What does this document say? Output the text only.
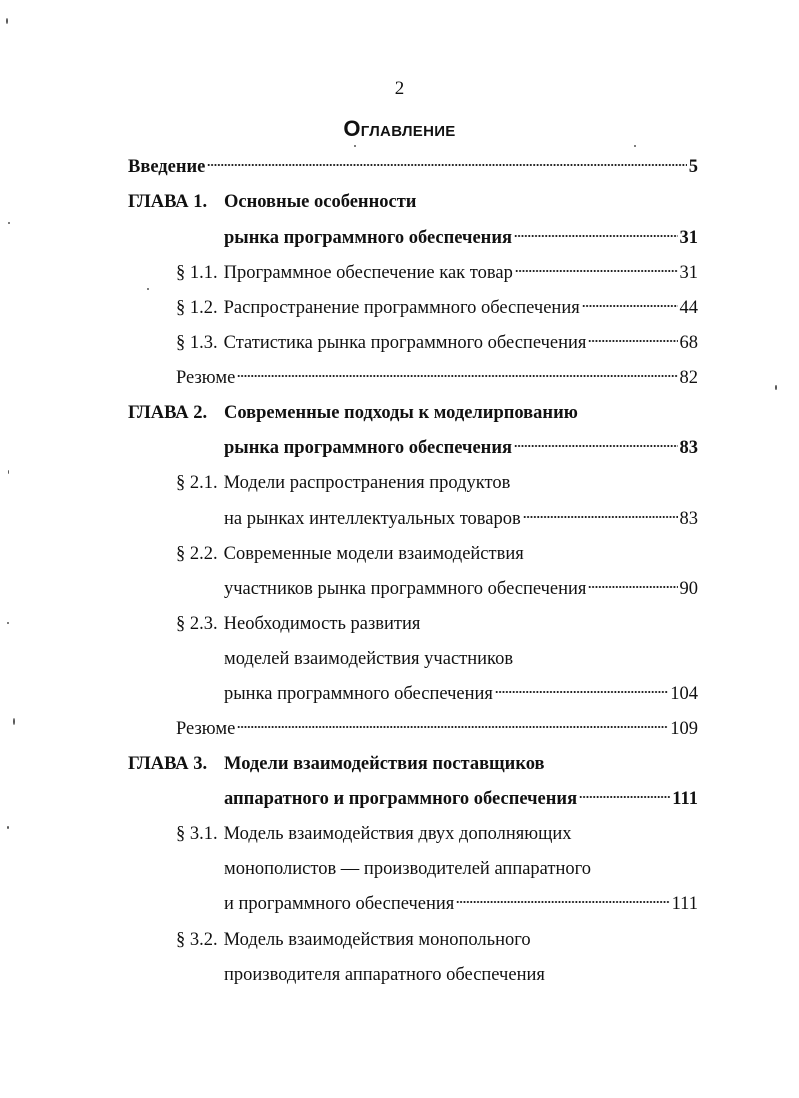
2
Оглавление
Введение	5
ГЛАВА 1. Основные особенности
рынка программного обеспечения	31
§ 1.1. Программное обеспечение как товар	31
§ 1.2. Распространение программного обеспечения	44
§ 1.3. Статистика рынка программного обеспечения	68
Резюме	82
ГЛАВА 2. Современные подходы к моделирпованию
рынка программного обеспечения	83
§ 2.1. Модели распространения продуктов
на рынках интеллектуальных товаров	83
§ 2.2. Современные модели взаимодействия
участников рынка программного обеспечения	90
§ 2.3. Необходимость развития
моделей взаимодействия участников
рынка программного обеспечения	104
Резюме	109
ГЛАВА 3. Модели взаимодействия поставщиков
аппаратного и программного обеспечения	111
§ 3.1. Модель взаимодействия двух дополняющих
монополистов — производителей аппаратного
и программного обеспечения	111
§ 3.2. Модель взаимодействия монопольного
производителя аппаратного обеспечения
